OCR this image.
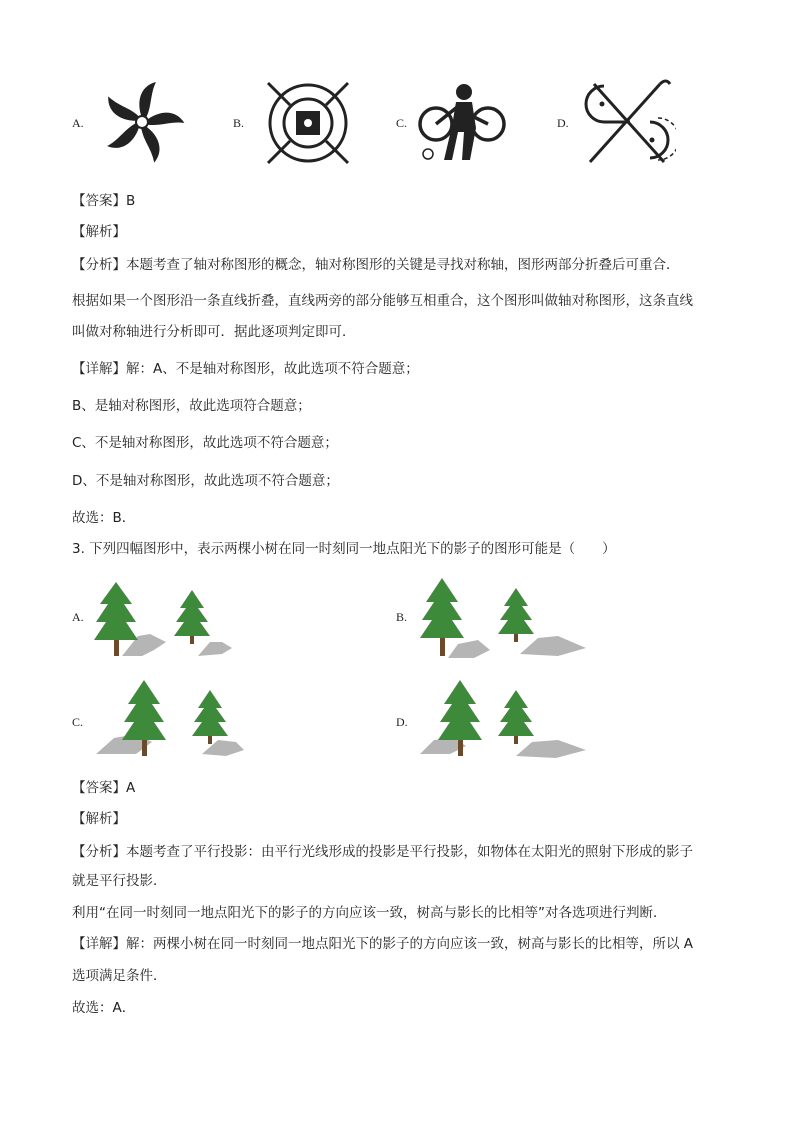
A.	B.	C.	D.
【答案】B
【解析】
【分析】本题考查了轴对称图形的概念，轴对称图形的关键是寻找对称轴，图形两部分折叠后可重合．
根据如果一个图形沿一条直线折叠，直线两旁的部分能够互相重合，这个图形叫做轴对称图形，这条直线
叫做对称轴进行分析即可．据此逐项判定即可．
【详解】解：A、不是轴对称图形，故此选项不符合题意；
B、是轴对称图形，故此选项符合题意；
C、不是轴对称图形，故此选项不符合题意；
D、不是轴对称图形，故此选项不符合题意；
故选：B．
3. 下列四幅图形中，表示两棵小树在同一时刻同一地点阳光下的影子的图形可能是（　　）
A.	B.
C.	D.
【答案】A
【解析】
【分析】本题考查了平行投影：由平行光线形成的投影是平行投影，如物体在太阳光的照射下形成的影子
就是平行投影．
利用“在同一时刻同一地点阳光下的影子的方向应该一致，树高与影长的比相等”对各选项进行判断．
【详解】解：两棵小树在同一时刻同一地点阳光下的影子的方向应该一致，树高与影长的比相等，所以 A
选项满足条件．
故选：A．
